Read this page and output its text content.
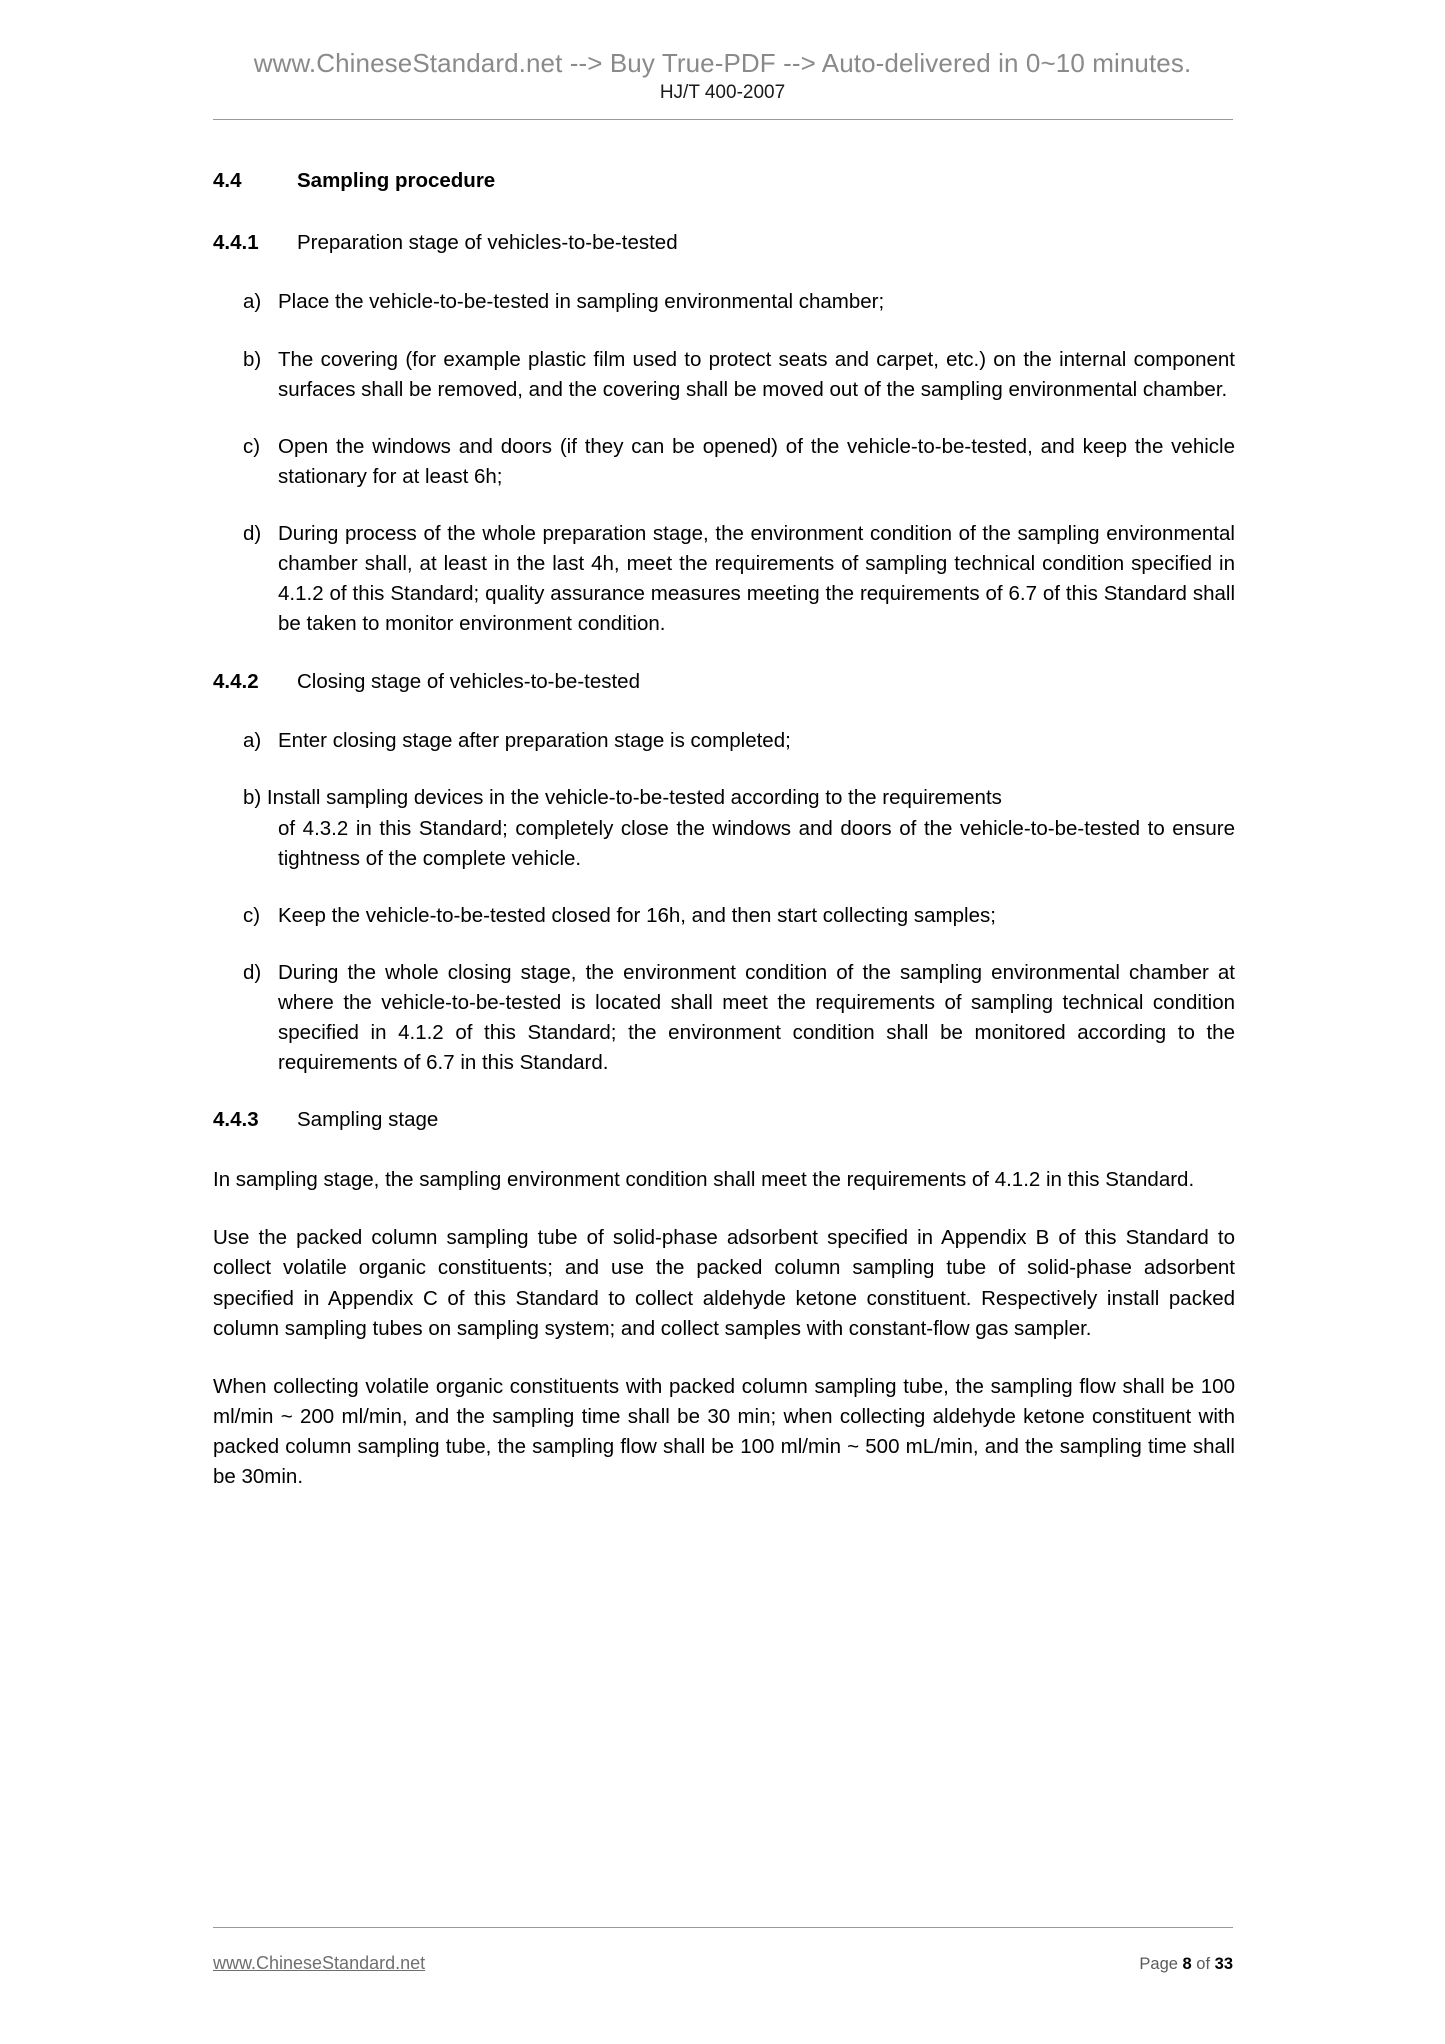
www.ChineseStandard.net --> Buy True-PDF --> Auto-delivered in 0~10 minutes.
HJ/T 400-2007

4.4	Sampling procedure

4.4.1 Preparation stage of vehicles-to-be-tested

a) Place the vehicle-to-be-tested in sampling environmental chamber;

b) The covering (for example plastic film used to protect seats and carpet, etc.) on the internal component surfaces shall be removed, and the covering shall be moved out of the sampling environmental chamber.

c) Open the windows and doors (if they can be opened) of the vehicle-to-be-tested, and keep the vehicle stationary for at least 6h;

d) During process of the whole preparation stage, the environment condition of the sampling environmental chamber shall, at least in the last 4h, meet the requirements of sampling technical condition specified in 4.1.2 of this Standard; quality assurance measures meeting the requirements of 6.7 of this Standard shall be taken to monitor environment condition.

4.4.2 Closing stage of vehicles-to-be-tested

a) Enter closing stage after preparation stage is completed;

b) Install sampling devices in the vehicle-to-be-tested according to the requirements
of 4.3.2 in this Standard; completely close the windows and doors of the vehicle-to-be-tested to ensure tightness of the complete vehicle.

c) Keep the vehicle-to-be-tested closed for 16h, and then start collecting samples;

d) During the whole closing stage, the environment condition of the sampling environmental chamber at where the vehicle-to-be-tested is located shall meet the requirements of sampling technical condition specified in 4.1.2 of this Standard; the environment condition shall be monitored according to the requirements of 6.7 in this Standard.

4.4.3 Sampling stage

In sampling stage, the sampling environment condition shall meet the requirements of 4.1.2 in this Standard.

Use the packed column sampling tube of solid-phase adsorbent specified in Appendix B of this Standard to collect volatile organic constituents; and use the packed column sampling tube of solid-phase adsorbent specified in Appendix C of this Standard to collect aldehyde ketone constituent. Respectively install packed column sampling tubes on sampling system; and collect samples with constant-flow gas sampler.

When collecting volatile organic constituents with packed column sampling tube, the sampling flow shall be 100 ml/min ~ 200 ml/min, and the sampling time shall be 30 min; when collecting aldehyde ketone constituent with packed column sampling tube, the sampling flow shall be 100 ml/min ~ 500 mL/min, and the sampling time shall be 30min.

www.ChineseStandard.net	Page 8 of 33
